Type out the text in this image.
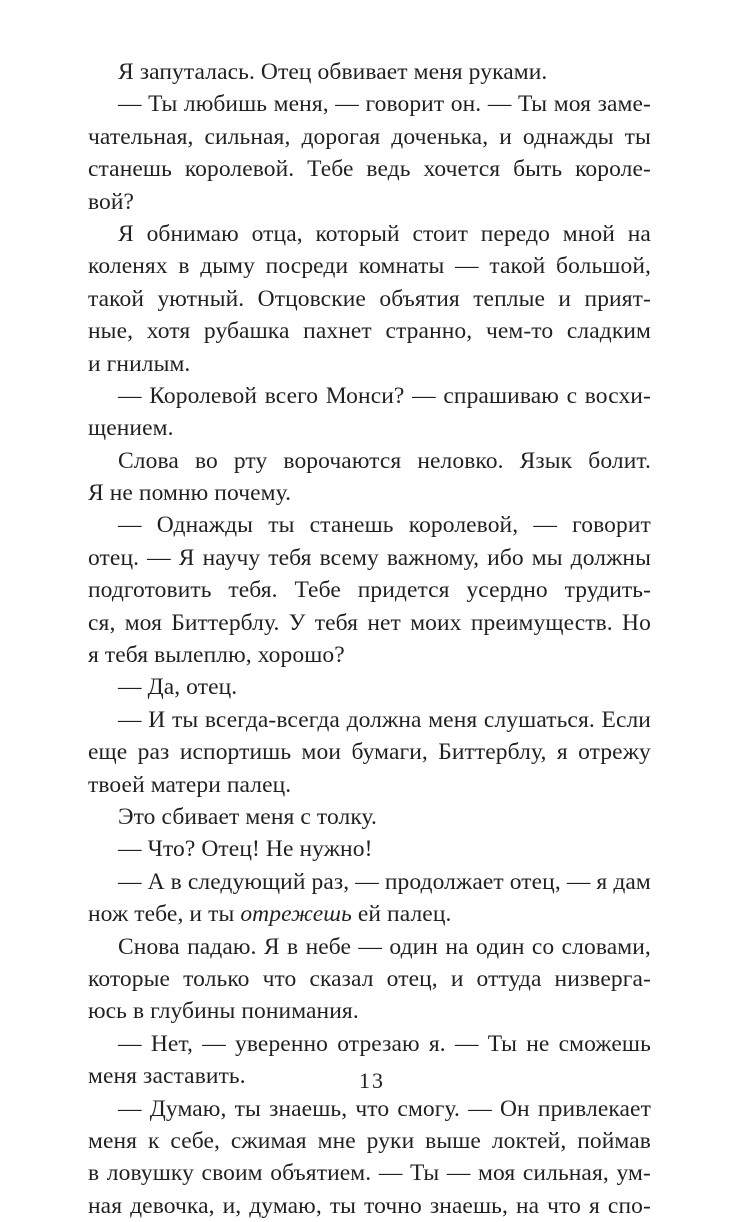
Я запуталась. Отец обвивает меня руками.
— Ты любишь меня, — говорит он. — Ты моя заме-
чательная, сильная, дорогая доченька, и однажды ты
станешь королевой. Тебе ведь хочется быть короле-
вой?
Я обнимаю отца, который стоит передо мной на
коленях в дыму посреди комнаты — такой большой,
такой уютный. Отцовские объятия теплые и прият-
ные, хотя рубашка пахнет странно, чем-то сладким
и гнилым.
— Королевой всего Монси? — спрашиваю с восхи-
щением.
Слова во рту ворочаются неловко. Язык болит.
Я не помню почему.
— Однажды ты станешь королевой, — говорит
отец. — Я научу тебя всему важному, ибо мы должны
подготовить тебя. Тебе придется усердно трудить-
ся, моя Биттерблу. У тебя нет моих преимуществ. Но
я тебя вылеплю, хорошо?
— Да, отец.
— И ты всегда-всегда должна меня слушаться. Если
еще раз испортишь мои бумаги, Биттерблу, я отрежу
твоей матери палец.
Это сбивает меня с толку.
— Что? Отец! Не нужно!
— А в следующий раз, — продолжает отец, — я дам
нож тебе, и ты отрежешь ей палец.
Снова падаю. Я в небе — один на один со словами,
которые только что сказал отец, и оттуда низверга-
юсь в глубины понимания.
— Нет, — уверенно отрезаю я. — Ты не сможешь
меня заставить.
— Думаю, ты знаешь, что смогу. — Он привлекает
меня к себе, сжимая мне руки выше локтей, поймав
в ловушку своим объятием. — Ты — моя сильная, ум-
ная девочка, и, думаю, ты точно знаешь, на что я спо-
13
